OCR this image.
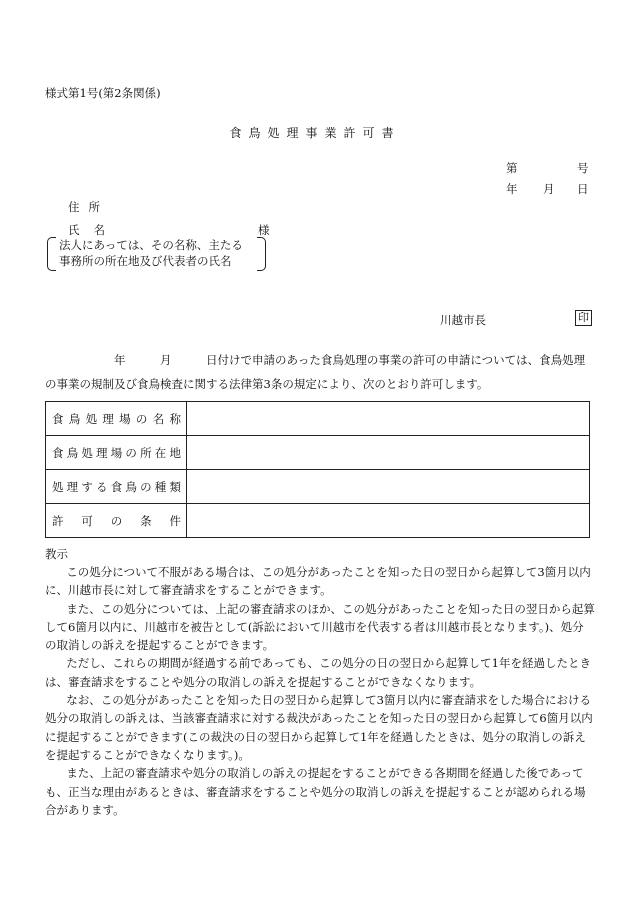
様式第1号(第2条関係)
食鳥処理事業許可書
第	号
年 月 日
住所
氏名	様
法人にあっては、その名称、主たる
事務所の所在地及び代表者の氏名
川越市長	印
　　　　　　年　　　月　　　日付けで申請のあった食鳥処理の事業の許可の申請については、食鳥処理の事業の規制及び食鳥検査に関する法律第3条の規定により、次のとおり許可します。
食鳥処理場の名称	
食鳥処理場の所在地	
処理する食鳥の種類	
許可の条件	
教示

この処分について不服がある場合は、この処分があったことを知った日の翌日から起算して3箇月以内に、川越市長に対して審査請求をすることができます。

また、この処分については、上記の審査請求のほか、この処分があったことを知った日の翌日から起算して6箇月以内に、川越市を被告として(訴訟において川越市を代表する者は川越市長となります。)、処分の取消しの訴えを提起することができます。

ただし、これらの期間が経過する前であっても、この処分の日の翌日から起算して1年を経過したときは、審査請求をすることや処分の取消しの訴えを提起することができなくなります。

なお、この処分があったことを知った日の翌日から起算して3箇月以内に審査請求をした場合における処分の取消しの訴えは、当該審査請求に対する裁決があったことを知った日の翌日から起算して6箇月以内に提起することができます(この裁決の日の翌日から起算して1年を経過したときは、処分の取消しの訴えを提起することができなくなります。)。

また、上記の審査請求や処分の取消しの訴えの提起をすることができる各期間を経過した後であっても、正当な理由があるときは、審査請求をすることや処分の取消しの訴えを提起することが認められる場合があります。
